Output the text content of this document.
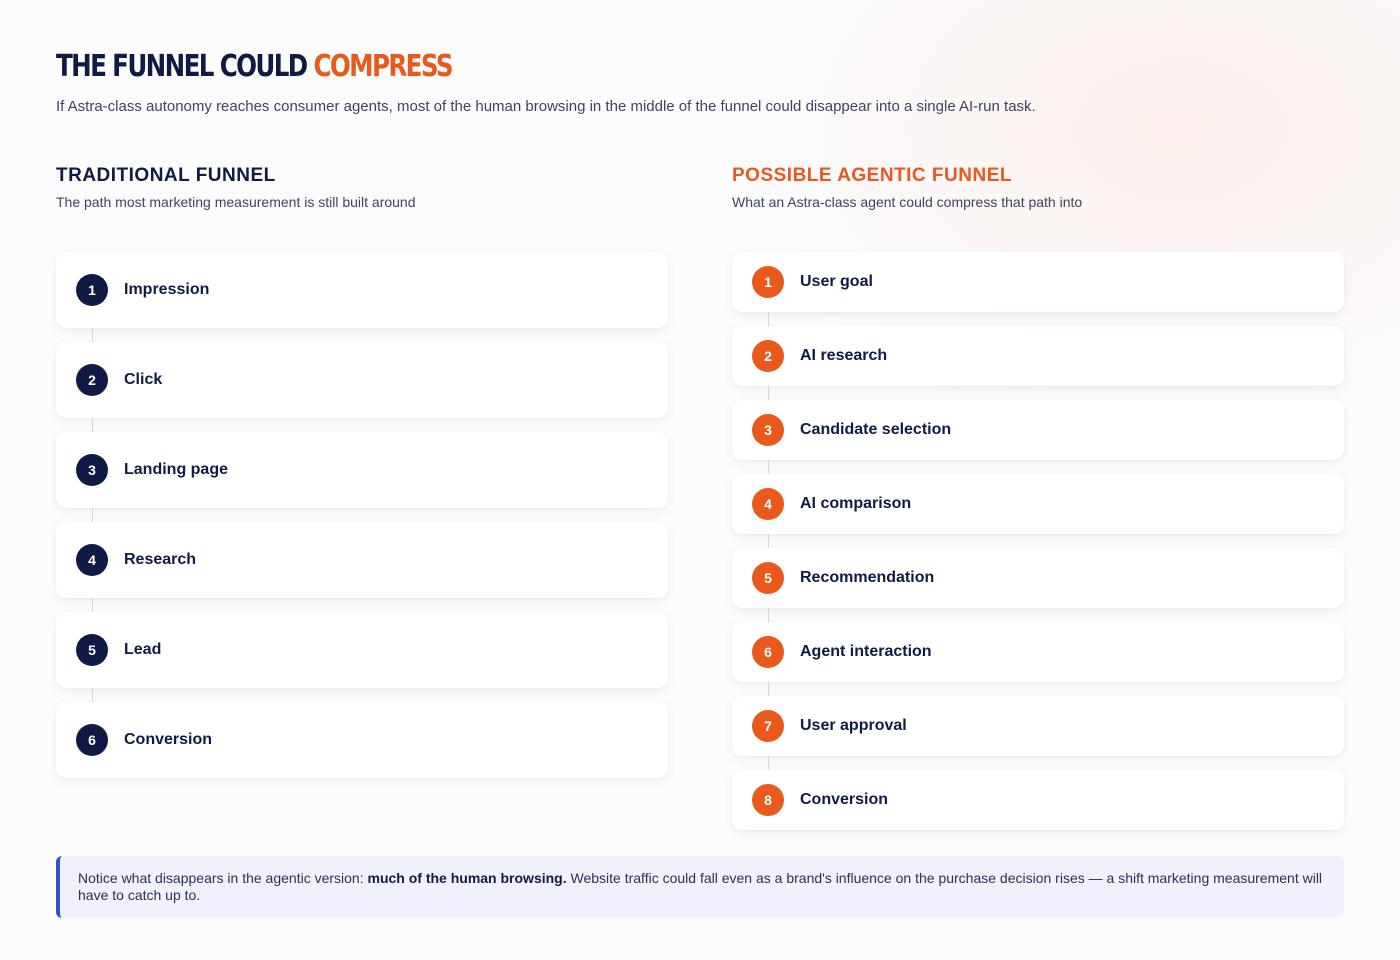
THE FUNNEL COULD COMPRESS

If Astra-class autonomy reaches consumer agents, most of the human browsing in the middle of the funnel could disappear into a single AI-run task.

TRADITIONAL FUNNEL
The path most marketing measurement is still built around
POSSIBLE AGENTIC FUNNEL
What an Astra-class agent could compress that path into
1	Impression
2	Click
3	Landing page
4	Research
5	Lead
6	Conversion
1	User goal
2	AI research
3	Candidate selection
4	AI comparison
5	Recommendation
6	Agent interaction
7	User approval
8	Conversion
Notice what disappears in the agentic version: much of the human browsing. Website traffic could fall even as a brand's influence on the purchase decision rises — a shift marketing measurement will have to catch up to.
